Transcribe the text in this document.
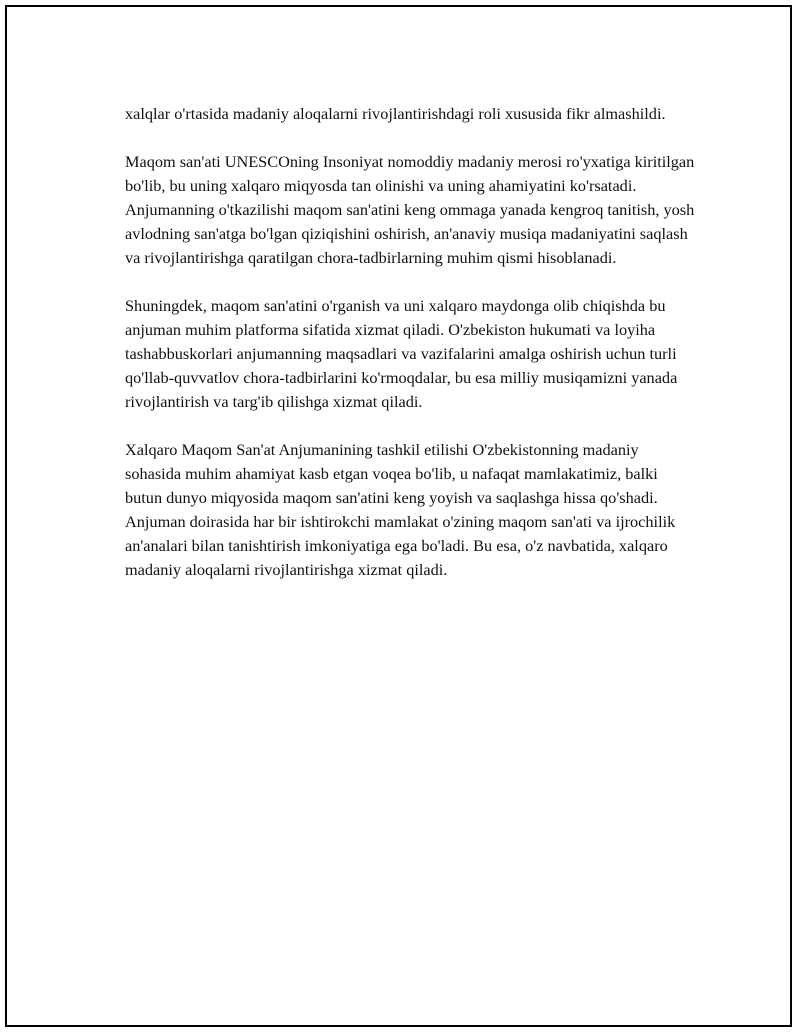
xalqlar o'rtasida madaniy aloqalarni rivojlantirishdagi roli xususida fikr almashildi.

Maqom san'ati UNESCOning Insoniyat nomoddiy madaniy merosi ro'yxatiga kiritilgan bo'lib, bu uning xalqaro miqyosda tan olinishi va uning ahamiyatini ko'rsatadi. Anjumanning o'tkazilishi maqom san'atini keng ommaga yanada kengroq tanitish, yosh avlodning san'atga bo'lgan qiziqishini oshirish, an'anaviy musiqa madaniyatini saqlash va rivojlantirishga qaratilgan chora-tadbirlarning muhim qismi hisoblanadi.

Shuningdek, maqom san'atini o'rganish va uni xalqaro maydonga olib chiqishda bu anjuman muhim platforma sifatida xizmat qiladi. O'zbekiston hukumati va loyiha tashabbuskorlari anjumanning maqsadlari va vazifalarini amalga oshirish uchun turli qo'llab-quvvatlov chora-tadbirlarini ko'rmoqdalar, bu esa milliy musiqamizni yanada rivojlantirish va targ'ib qilishga xizmat qiladi.

Xalqaro Maqom San'at Anjumanining tashkil etilishi O'zbekistonning madaniy sohasida muhim ahamiyat kasb etgan voqea bo'lib, u nafaqat mamlakatimiz, balki butun dunyo miqyosida maqom san'atini keng yoyish va saqlashga hissa qo'shadi. Anjuman doirasida har bir ishtirokchi mamlakat o'zining maqom san'ati va ijrochilik an'analari bilan tanishtirish imkoniyatiga ega bo'ladi. Bu esa, o'z navbatida, xalqaro madaniy aloqalarni rivojlantirishga xizmat qiladi.
